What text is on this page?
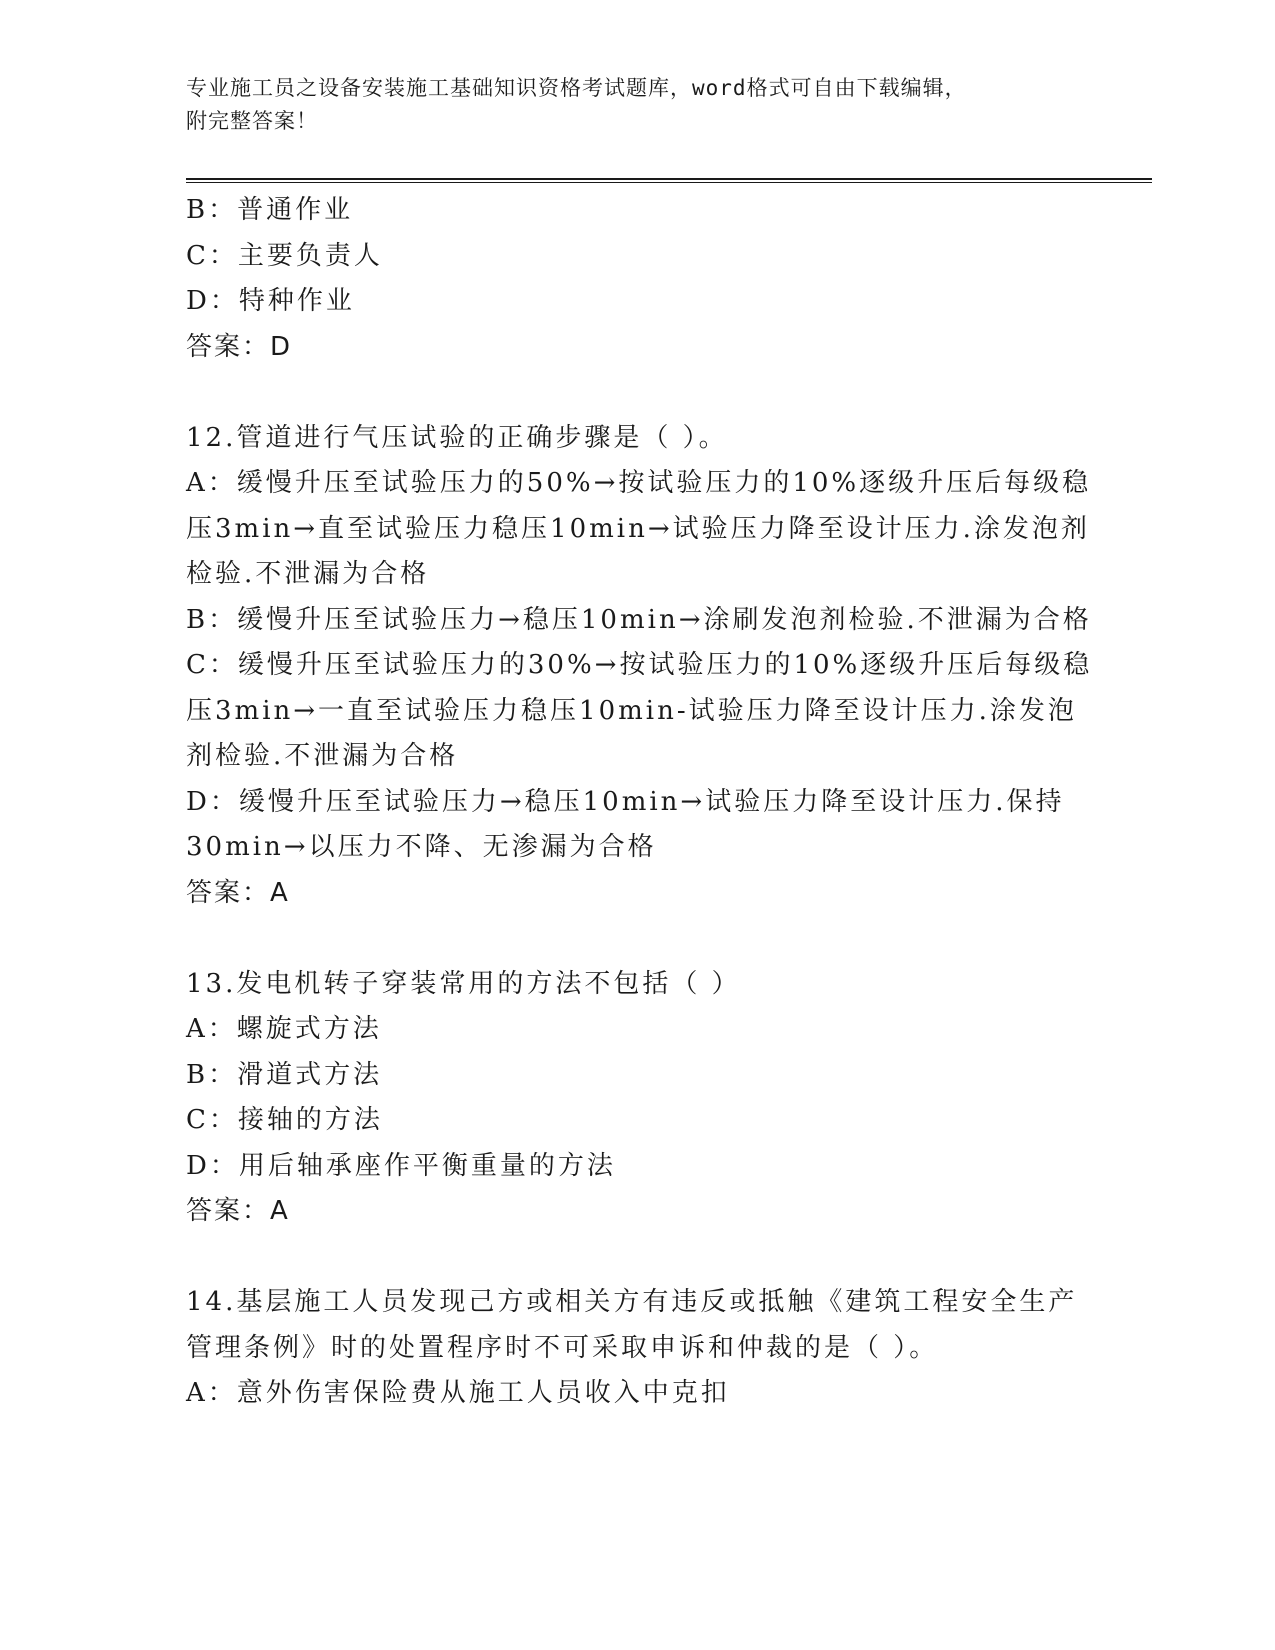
专业施工员之设备安装施工基础知识资格考试题库，word格式可自由下载编辑，
附完整答案！
B：普通作业
C：主要负责人
D：特种作业
答案：D
12.管道进行气压试验的正确步骤是（ ）。
A：缓慢升压至试验压力的50%→按试验压力的10%逐级升压后每级稳
压3min→直至试验压力稳压10min→试验压力降至设计压力.涂发泡剂
检验.不泄漏为合格
B：缓慢升压至试验压力→稳压10min→涂刷发泡剂检验.不泄漏为合格
C：缓慢升压至试验压力的30%→按试验压力的10%逐级升压后每级稳
压3min→一直至试验压力稳压10min-试验压力降至设计压力.涂发泡
剂检验.不泄漏为合格
D：缓慢升压至试验压力→稳压10min→试验压力降至设计压力.保持
30min→以压力不降、无渗漏为合格
答案：A
13.发电机转子穿装常用的方法不包括（ ）
A：螺旋式方法
B：滑道式方法
C：接轴的方法
D：用后轴承座作平衡重量的方法
答案：A
14.基层施工人员发现己方或相关方有违反或抵触《建筑工程安全生产
管理条例》时的处置程序时不可采取申诉和仲裁的是（ ）。
A：意外伤害保险费从施工人员收入中克扣
